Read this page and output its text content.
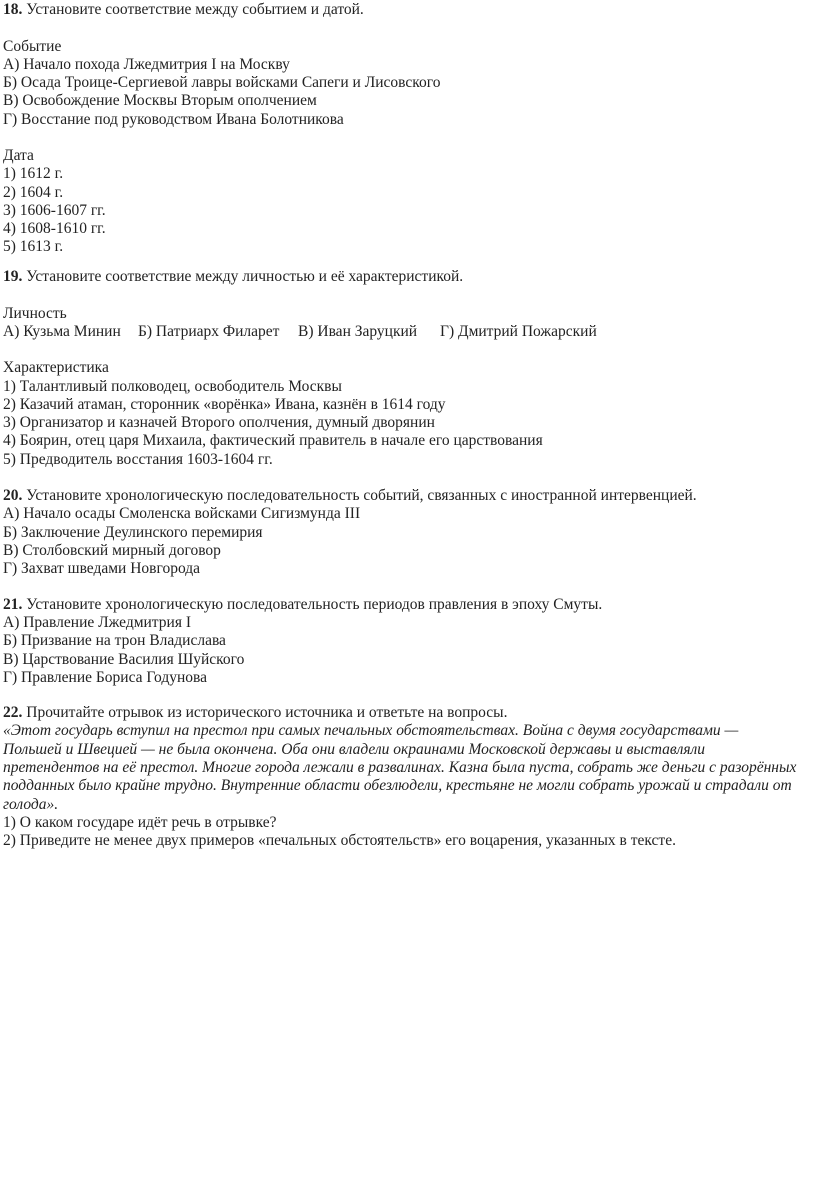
18. Установите соответствие между событием и датой.
Событие
А) Начало похода Лжедмитрия I на Москву
Б) Осада Троице-Сергиевой лавры войсками Сапеги и Лисовского
В) Освобождение Москвы Вторым ополчением
Г) Восстание под руководством Ивана Болотникова
Дата
1) 1612 г.
2) 1604 г.
3) 1606-1607 гг.
4) 1608-1610 гг.
5) 1613 г.
19. Установите соответствие между личностью и её характеристикой.
Личность
А) Кузьма Минин Б) Патриарх Филарет В) Иван Заруцкий Г) Дмитрий Пожарский
Характеристика
1) Талантливый полководец, освободитель Москвы
2) Казачий атаман, сторонник «ворёнка» Ивана, казнён в 1614 году
3) Организатор и казначей Второго ополчения, думный дворянин
4) Боярин, отец царя Михаила, фактический правитель в начале его царствования
5) Предводитель восстания 1603-1604 гг.
20. Установите хронологическую последовательность событий, связанных с иностранной интервенцией.
А) Начало осады Смоленска войсками Сигизмунда III
Б) Заключение Деулинского перемирия
В) Столбовский мирный договор
Г) Захват шведами Новгорода
21. Установите хронологическую последовательность периодов правления в эпоху Смуты.
А) Правление Лжедмитрия I
Б) Призвание на трон Владислава
В) Царствование Василия Шуйского
Г) Правление Бориса Годунова
22. Прочитайте отрывок из исторического источника и ответьте на вопросы.
«Этот государь вступил на престол при самых печальных обстоятельствах. Война с двумя государствами —
Польшей и Швецией — не была окончена. Оба они владели окраинами Московской державы и выставляли
претендентов на её престол. Многие города лежали в развалинах. Казна была пуста, собрать же деньги с разорённых
подданных было крайне трудно. Внутренние области обезлюдели, крестьяне не могли собрать урожай и страдали от
голода».
1) О каком государе идёт речь в отрывке?
2) Приведите не менее двух примеров «печальных обстоятельств» его воцарения, указанных в тексте.
